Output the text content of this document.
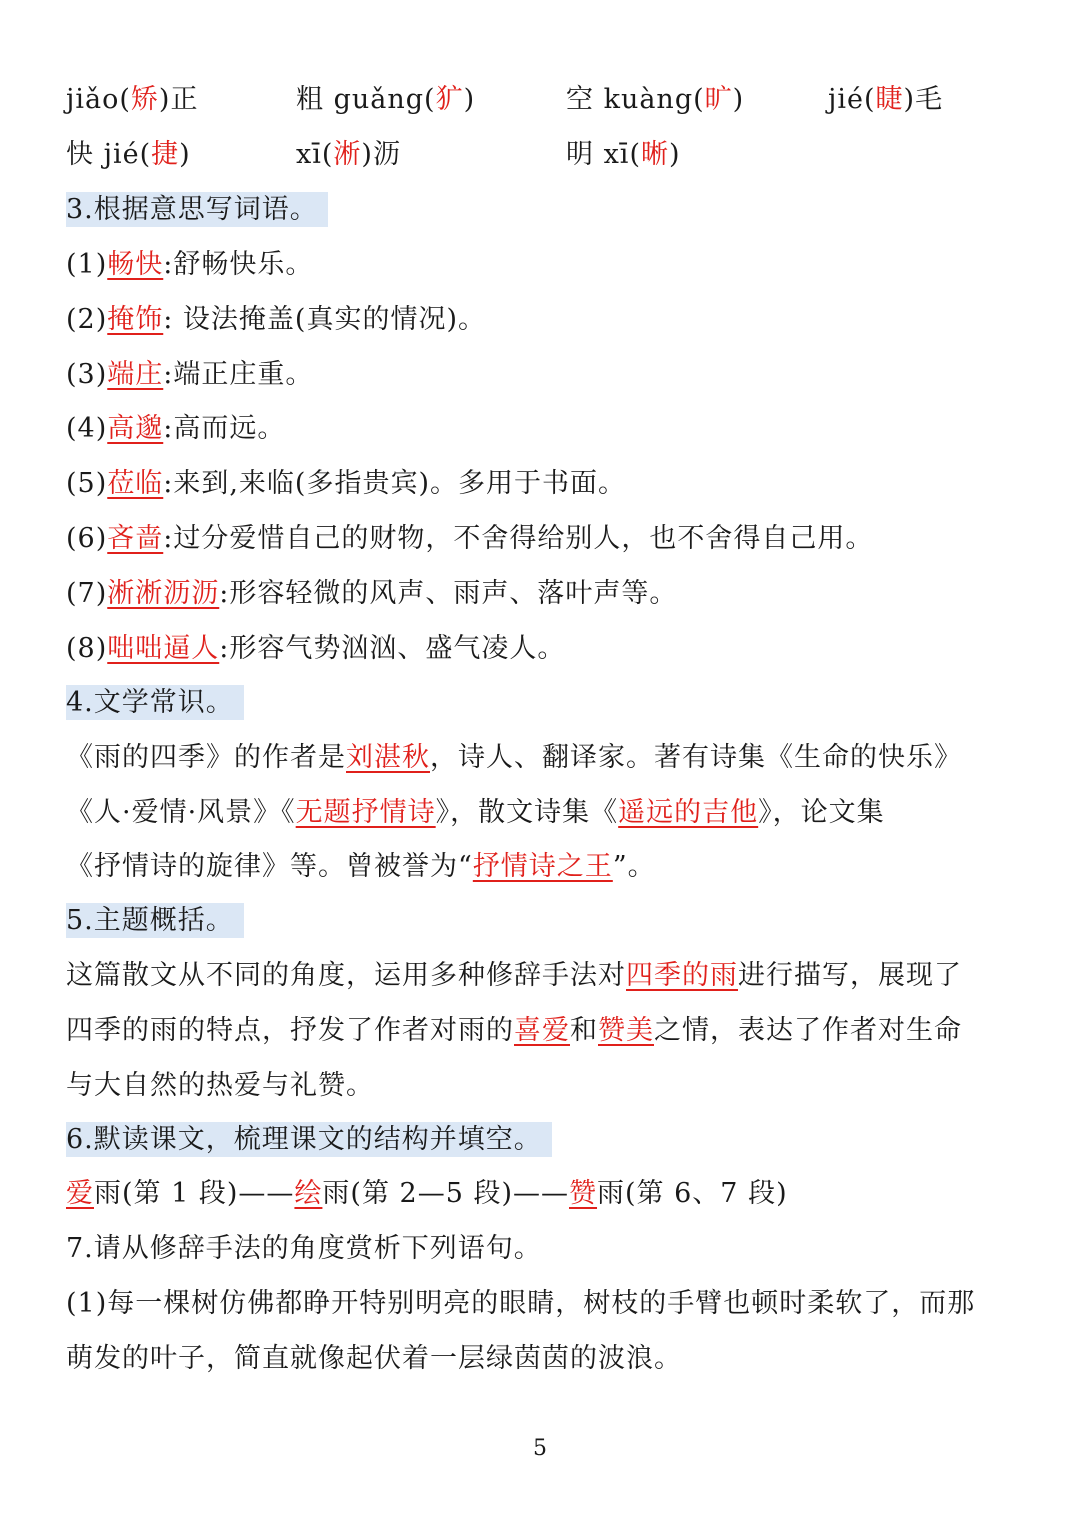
jiǎo(矫)正	粗 guǎng(犷)	空 kuàng(旷)	jié(睫)毛
快 jié(捷)	xī(淅)沥	明 xī(晰)
3.根据意思写词语。
(1)畅快:舒畅快乐。
(2)掩饰: 设法掩盖(真实的情况)。
(3)端庄:端正庄重。
(4)高邈:高而远。
(5)莅临:来到,来临(多指贵宾)。多用于书面。
(6)吝啬:过分爱惜自己的财物，不舍得给别人，也不舍得自己用。
(7)淅淅沥沥:形容轻微的风声、雨声、落叶声等。
(8)咄咄逼人:形容气势汹汹、盛气凌人。
4.文学常识。
《雨的四季》的作者是刘湛秋，诗人、翻译家。著有诗集《生命的快乐》
《人·爱情·风景》《无题抒情诗》，散文诗集《遥远的吉他》，论文集
《抒情诗的旋律》等。曾被誉为“抒情诗之王”。
5.主题概括。
这篇散文从不同的角度，运用多种修辞手法对四季的雨进行描写，展现了
四季的雨的特点，抒发了作者对雨的喜爱和赞美之情，表达了作者对生命
与大自然的热爱与礼赞。
6.默读课文，梳理课文的结构并填空。
爱雨(第 1 段)——绘雨(第 2—5 段)——赞雨(第 6、7 段)
7.请从修辞手法的角度赏析下列语句。
(1)每一棵树仿佛都睁开特别明亮的眼睛，树枝的手臂也顿时柔软了，而那
萌发的叶子，简直就像起伏着一层绿茵茵的波浪。
5
